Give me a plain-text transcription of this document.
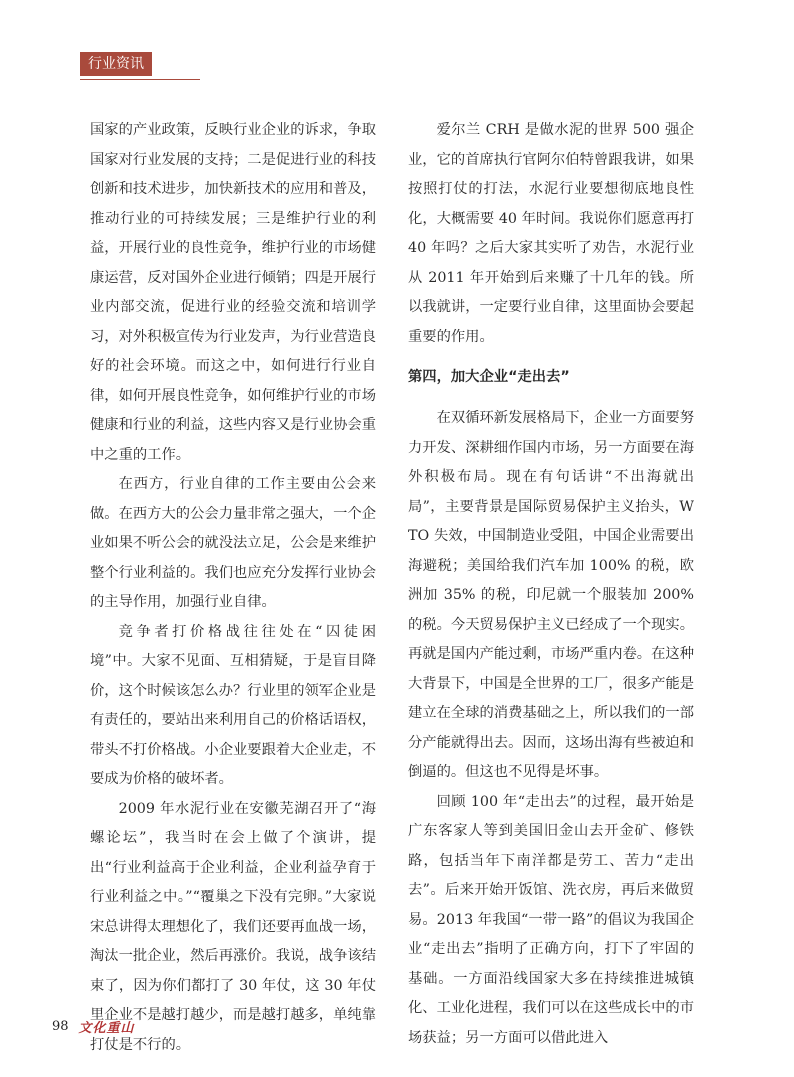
行业资讯

国家的产业政策，反映行业企业的诉求，争取国家对行业发展的支持；二是促进行业的科技创新和技术进步，加快新技术的应用和普及，推动行业的可持续发展；三是维护行业的利益，开展行业的良性竞争，维护行业的市场健康运营，反对国外企业进行倾销；四是开展行业内部交流，促进行业的经验交流和培训学习，对外积极宣传为行业发声，为行业营造良好的社会环境。而这之中，如何进行行业自律，如何开展良性竞争，如何维护行业的市场健康和行业的利益，这些内容又是行业协会重中之重的工作。

在西方，行业自律的工作主要由公会来做。在西方大的公会力量非常之强大，一个企业如果不听公会的就没法立足，公会是来维护整个行业利益的。我们也应充分发挥行业协会的主导作用，加强行业自律。

竞争者打价格战往往处在“囚徒困境”中。大家不见面、互相猜疑，于是盲目降价，这个时候该怎么办？行业里的领军企业是有责任的，要站出来利用自己的价格话语权，带头不打价格战。小企业要跟着大企业走，不要成为价格的破坏者。

2009 年水泥行业在安徽芜湖召开了“海螺论坛”，我当时在会上做了个演讲，提出“行业利益高于企业利益，企业利益孕育于行业利益之中。”“覆巢之下没有完卵。”大家说宋总讲得太理想化了，我们还要再血战一场，淘汰一批企业，然后再涨价。我说，战争该结束了，因为你们都打了 30 年仗，这 30 年仗里企业不是越打越少，而是越打越多，单纯靠打仗是不行的。

爱尔兰 CRH 是做水泥的世界 500 强企业，它的首席执行官阿尔伯特曾跟我讲，如果按照打仗的打法，水泥行业要想彻底地良性化，大概需要 40 年时间。我说你们愿意再打 40 年吗？之后大家其实听了劝告，水泥行业从 2011 年开始到后来赚了十几年的钱。所以我就讲，一定要行业自律，这里面协会要起重要的作用。

第四，加大企业“走出去”

在双循环新发展格局下，企业一方面要努力开发、深耕细作国内市场，另一方面要在海外积极布局。现在有句话讲“不出海就出局”，主要背景是国际贸易保护主义抬头，WTO 失效，中国制造业受阻，中国企业需要出海避税；美国给我们汽车加 100% 的税，欧洲加 35% 的税，印尼就一个服装加 200% 的税。今天贸易保护主义已经成了一个现实。再就是国内产能过剩，市场严重内卷。在这种大背景下，中国是全世界的工厂，很多产能是建立在全球的消费基础之上，所以我们的一部分产能就得出去。因而，这场出海有些被迫和倒逼的。但这也不见得是坏事。

回顾 100 年“走出去”的过程，最开始是广东客家人等到美国旧金山去开金矿、修铁路，包括当年下南洋都是劳工、苦力“走出去”。后来开始开饭馆、洗衣房，再后来做贸易。2013 年我国“一带一路”的倡议为我国企业“走出去”指明了正确方向，打下了牢固的基础。一方面沿线国家大多在持续推进城镇化、工业化进程，我们可以在这些成长中的市场获益；另一方面可以借此进入

98 文化重山
